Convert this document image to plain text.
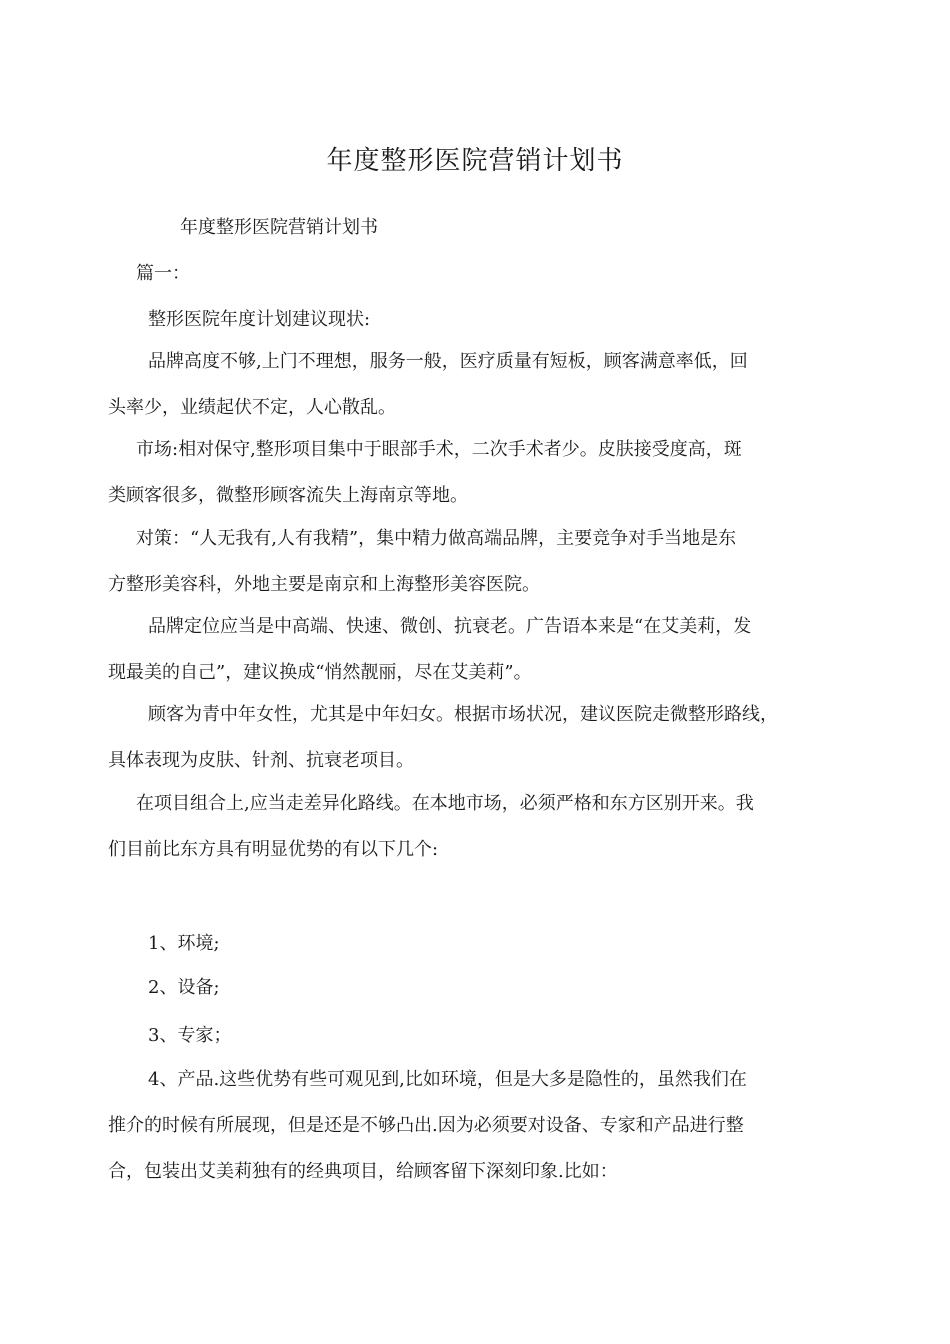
年度整形医院营销计划书
年度整形医院营销计划书
篇一：
整形医院年度计划建议现状:
品牌高度不够,上门不理想，服务一般，医疗质量有短板，顾客满意率低，回
头率少，业绩起伏不定，人心散乱。
市场:相对保守,整形项目集中于眼部手术，二次手术者少。皮肤接受度高，斑
类顾客很多，微整形顾客流失上海南京等地。
对策：“人无我有,人有我精”，集中精力做高端品牌，主要竞争对手当地是东
方整形美容科，外地主要是南京和上海整形美容医院。
品牌定位应当是中高端、快速、微创、抗衰老。广告语本来是“在艾美莉，发
现最美的自己”，建议换成“悄然靓丽，尽在艾美莉”。
顾客为青中年女性，尤其是中年妇女。根据市场状况，建议医院走微整形路线，
具体表现为皮肤、针剂、抗衰老项目。
在项目组合上,应当走差异化路线。在本地市场，必须严格和东方区别开来。我
们目前比东方具有明显优势的有以下几个:
1、环境;
2、设备;
3、专家；
4、产品.这些优势有些可观见到,比如环境，但是大多是隐性的，虽然我们在
推介的时候有所展现，但是还是不够凸出.因为必须要对设备、专家和产品进行整
合，包装出艾美莉独有的经典项目，给顾客留下深刻印象.比如：
